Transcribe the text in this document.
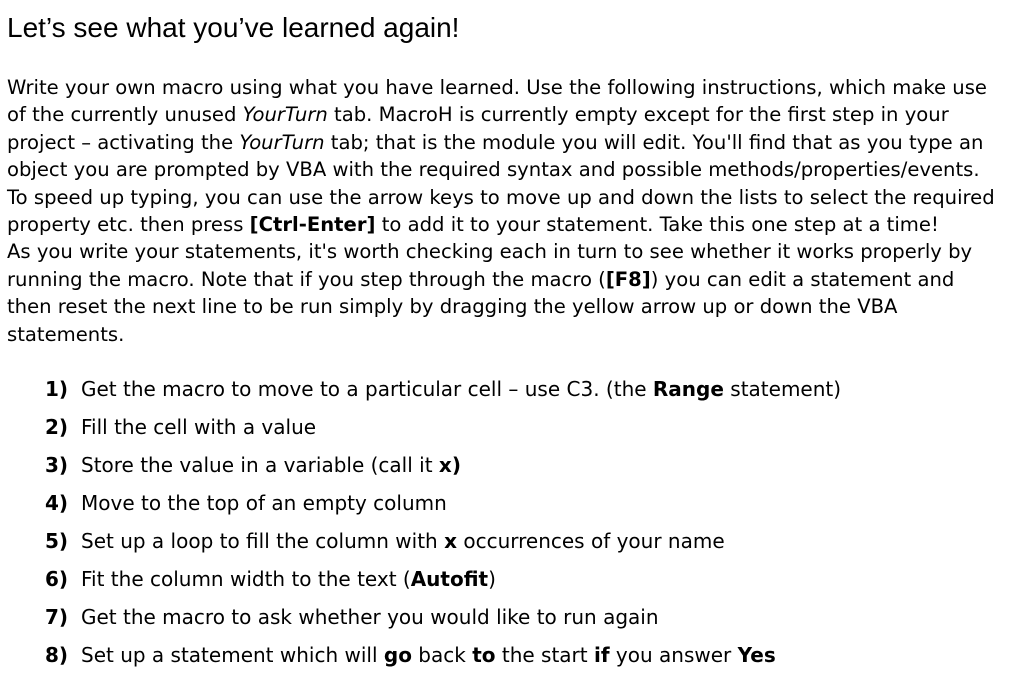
Let’s see what you’ve learned again!

Write your own macro using what you have learned. Use the following instructions, which make use of the currently unused YourTurn tab. MacroH is currently empty except for the first step in your project – activating the YourTurn tab; that is the module you will edit. You'll find that as you type an object you are prompted by VBA with the required syntax and possible methods/properties/events. To speed up typing, you can use the arrow keys to move up and down the lists to select the required property etc. then press [Ctrl-Enter] to add it to your statement. Take this one step at a time!

As you write your statements, it's worth checking each in turn to see whether it works properly by running the macro. Note that if you step through the macro ([F8]) you can edit a statement and then reset the next line to be run simply by dragging the yellow arrow up or down the VBA statements.

1) Get the macro to move to a particular cell – use C3. (the Range statement)
2) Fill the cell with a value
3) Store the value in a variable (call it x)
4) Move to the top of an empty column
5) Set up a loop to fill the column with x occurrences of your name
6) Fit the column width to the text (Autofit)
7) Get the macro to ask whether you would like to run again
8) Set up a statement which will go back to the start if you answer Yes
